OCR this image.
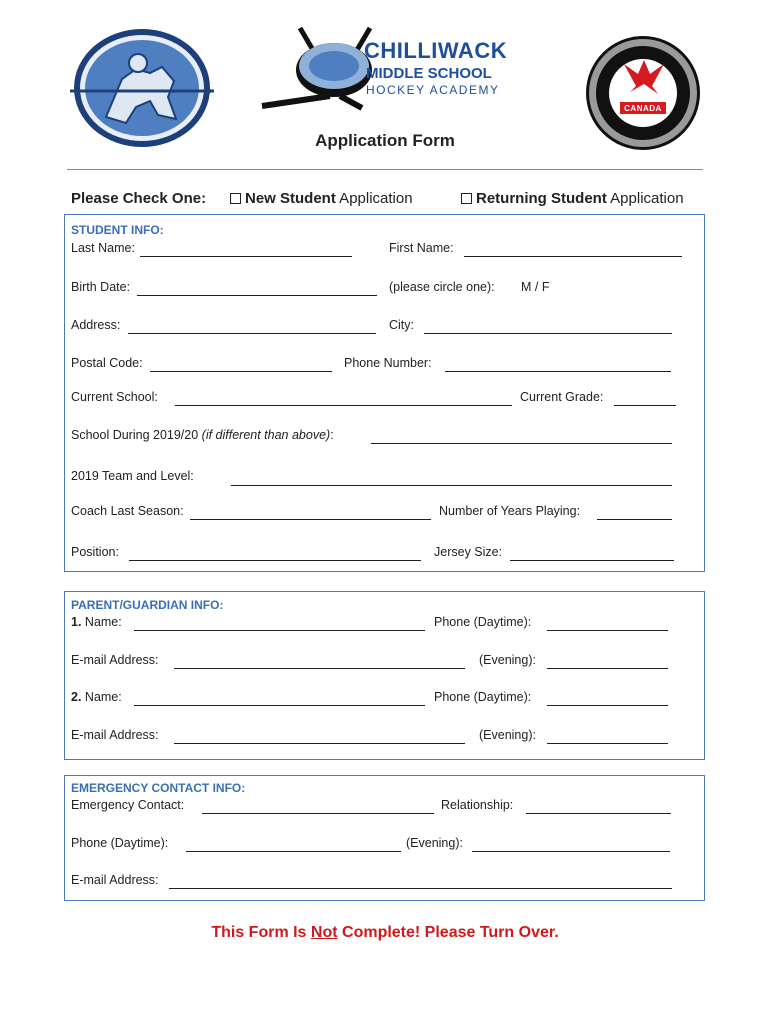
CHILLIWACK
MIDDLE SCHOOL
HOCKEY ACADEMY
CANADA
Application Form
Please Check One:	New Student Application	Returning Student Application
STUDENT INFO:
Last Name:	First Name:
Birth Date:	(please circle one): M / F
Address:	City:
Postal Code:	Phone Number:
Current School:	Current Grade:
School During 2019/20 (if different than above):
2019 Team and Level:
Coach Last Season:	Number of Years Playing:
Position:	Jersey Size:
PARENT/GUARDIAN INFO:
1. Name:	Phone (Daytime):
E-mail Address:	(Evening):
2. Name:	Phone (Daytime):
E-mail Address:	(Evening):
EMERGENCY CONTACT INFO:
Emergency Contact:	Relationship:
Phone (Daytime):	(Evening):
E-mail Address:
This Form Is Not Complete! Please Turn Over.
